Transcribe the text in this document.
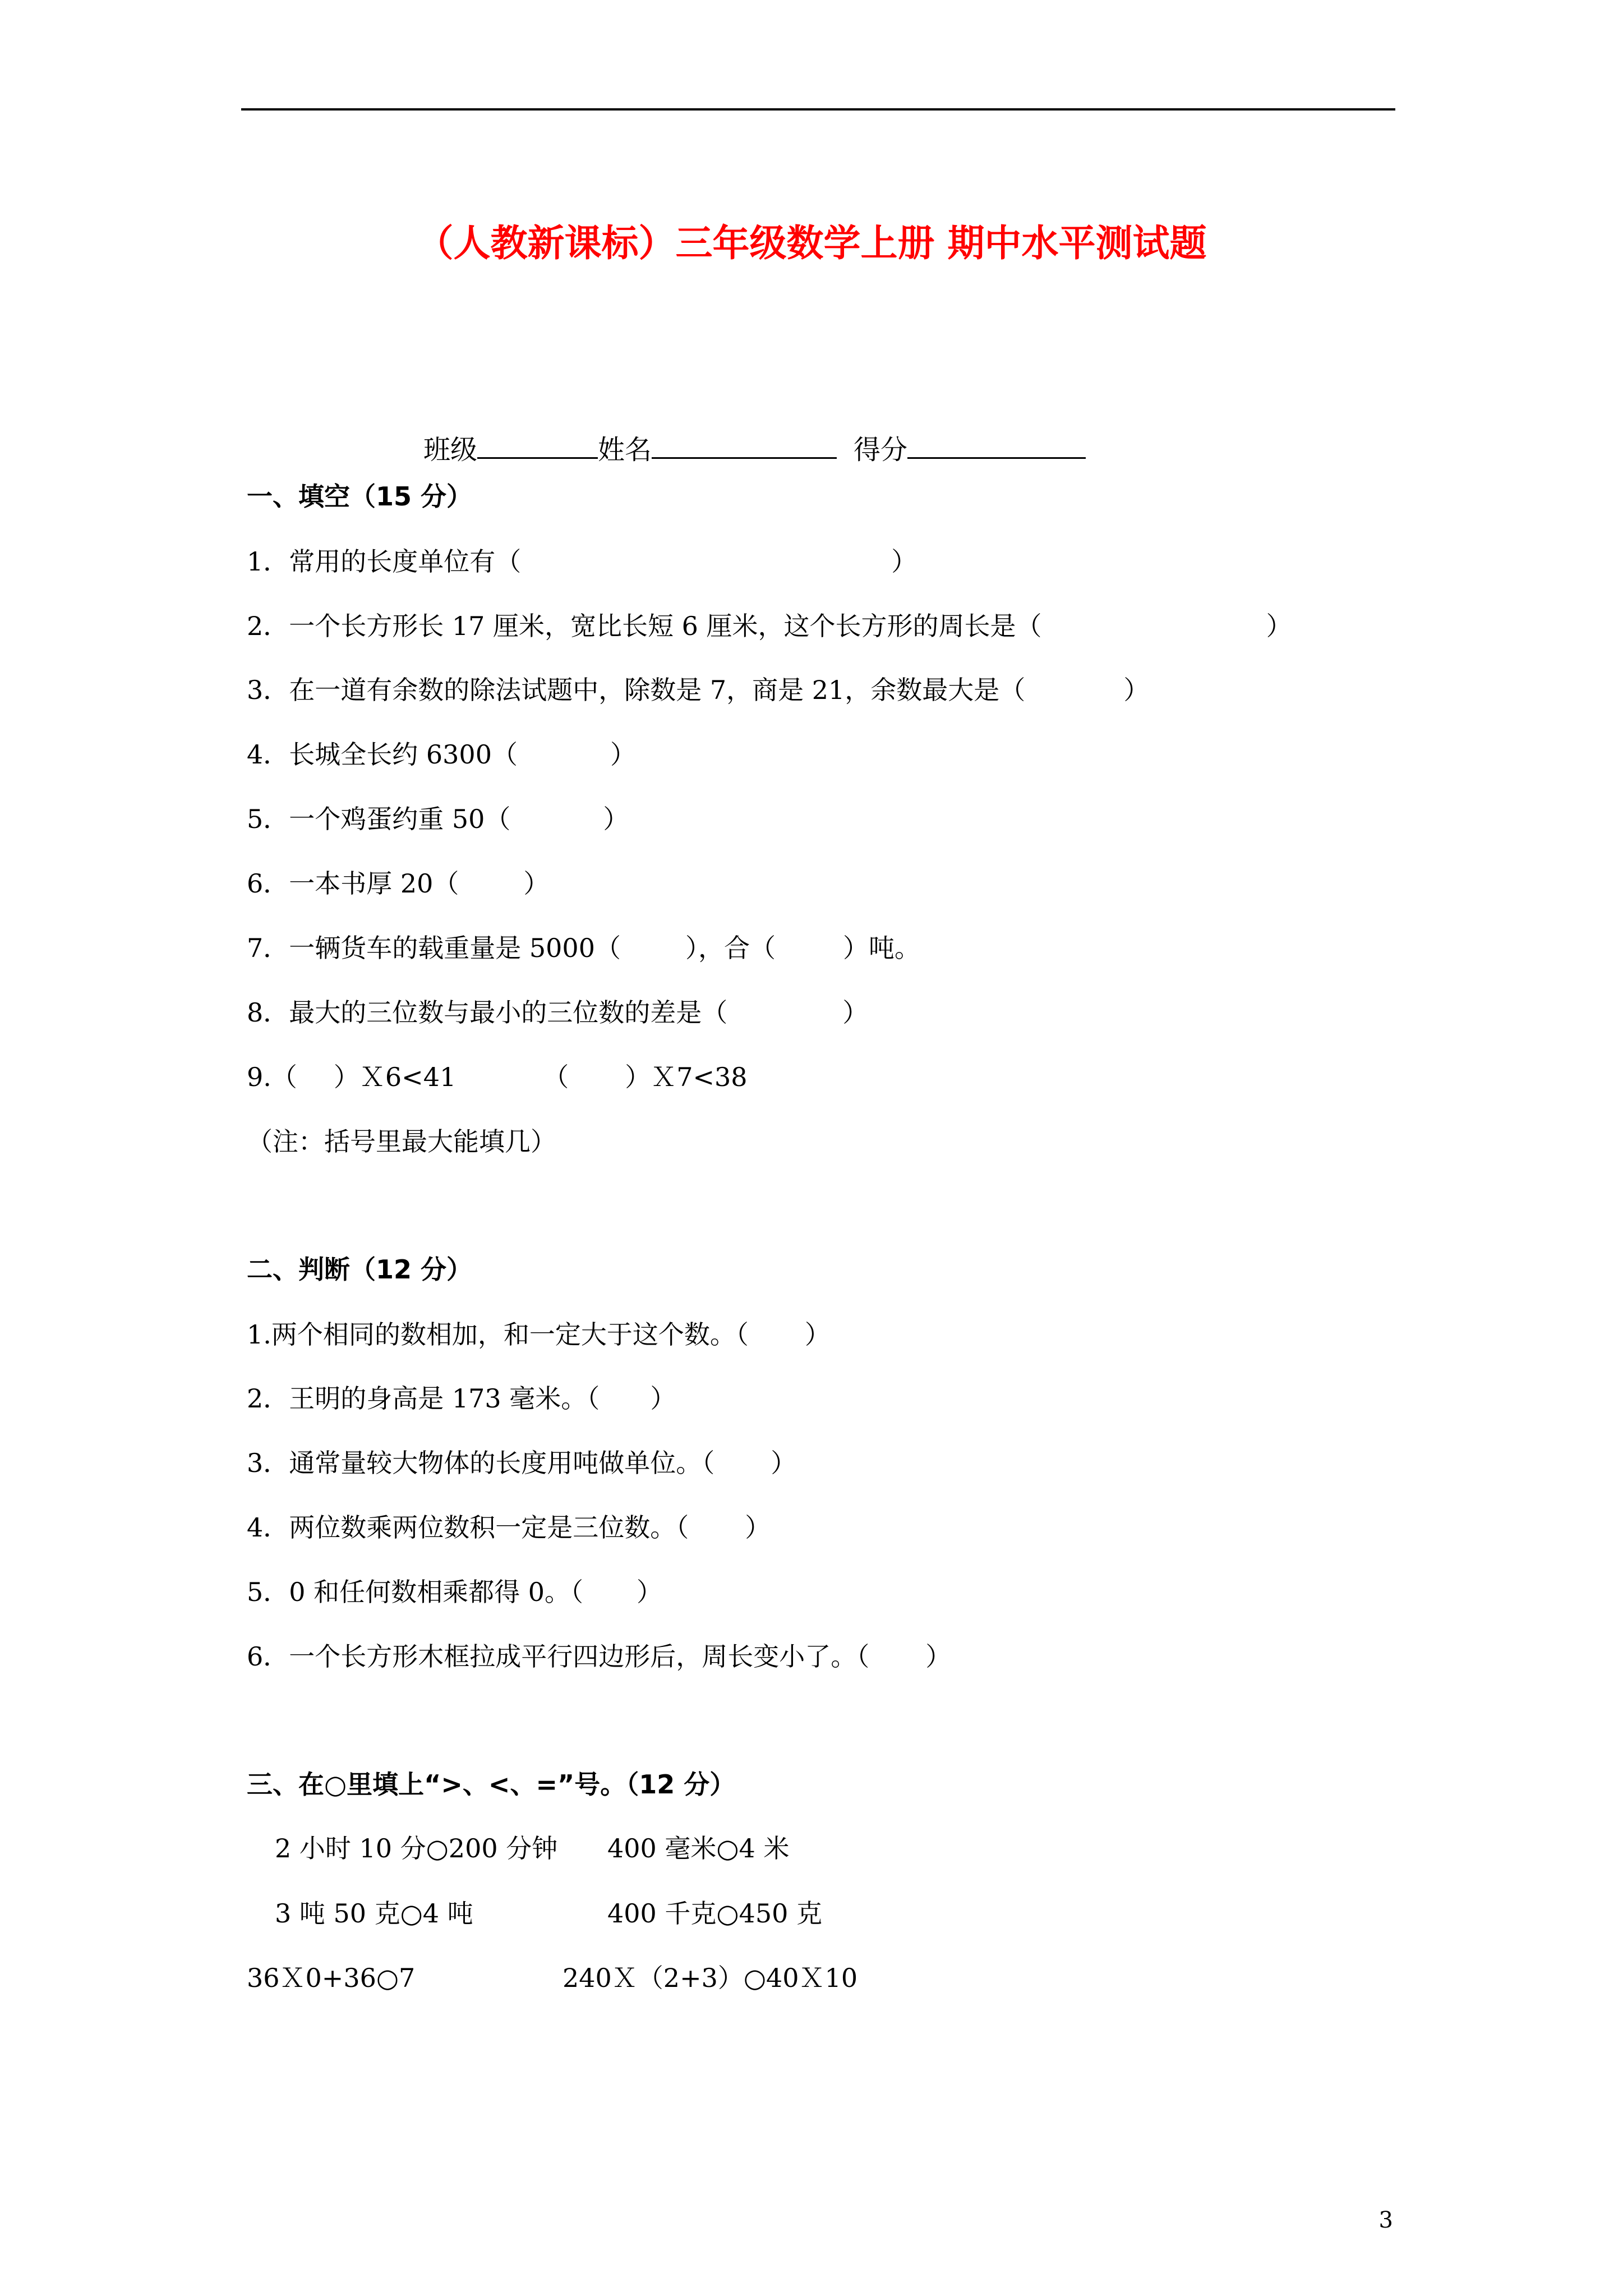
（人教新课标）三年级数学上册 期中水平测试题
班级	姓名	得分
一、填空（15 分）
1．常用的长度单位有（	）
2．一个长方形长 17 厘米，宽比长短 6 厘米，这个长方形的周长是（	）
3．在一道有余数的除法试题中，除数是 7，商是 21，余数最大是（	）
4．长城全长约 6300（	）
5．一个鸡蛋约重 50（	）
6．一本书厚 20（	）
7．一辆货车的载重量是 5000（	），合（	）吨。
8．最大的三位数与最小的三位数的差是（	）
9.（ ）Ｘ6<41	（ ）Ｘ7<38
（注：括号里最大能填几）
二、判断（12 分）
1.两个相同的数相加，和一定大于这个数。（ ）
2．王明的身高是 173 毫米。（ ）
3．通常量较大物体的长度用吨做单位。（ ）
4．两位数乘两位数积一定是三位数。（ ）
5．0 和任何数相乘都得 0。（ ）
6．一个长方形木框拉成平行四边形后，周长变小了。（ ）
三、在○里填上“>、<、=”号。（12 分）
2 小时 10 分○200 分钟 400 毫米○4 米
3 吨 50 克○4 吨	400 千克○450 克
36Ｘ0+36○7	240Ｘ（2+3）○40Ｘ10
3
